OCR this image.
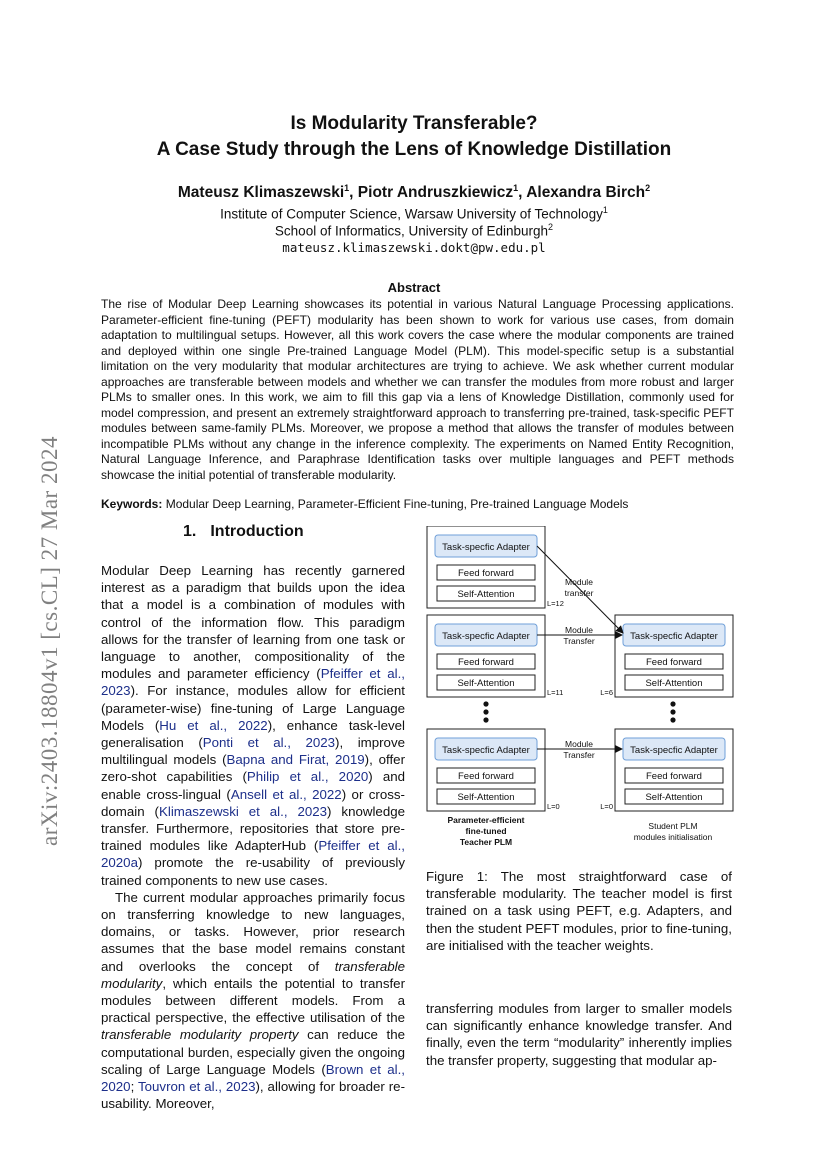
Is Modularity Transferable?
A Case Study through the Lens of Knowledge Distillation
Mateusz Klimaszewski$^1$, Piotr Andruszkiewicz$^1$, Alexandra Birch$^2$
Institute of Computer Science, Warsaw University of Technology$^1$
School of Informatics, University of Edinburgh$^2$
mateusz.klimaszewski.dokt@pw.edu.pl
Abstract
The rise of Modular Deep Learning showcases its potential in various Natural Language Processing applications. Parameter-efficient fine-tuning (PEFT) modularity has been shown to work for various use cases, from domain adaptation to multilingual setups. However, all this work covers the case where the modular components are trained and deployed within one single Pre-trained Language Model (PLM). This model-specific setup is a substantial limitation on the very modularity that modular architectures are trying to achieve. We ask whether current modular approaches are transferable between models and whether we can transfer the modules from more robust and larger PLMs to smaller ones. In this work, we aim to fill this gap via a lens of Knowledge Distillation, commonly used for model compression, and present an extremely straightforward approach to transferring pre-trained, task-specific PEFT modules between same-family PLMs. Moreover, we propose a method that allows the transfer of modules between incompatible PLMs without any change in the inference complexity. The experiments on Named Entity Recognition, Natural Language Inference, and Paraphrase Identification tasks over multiple languages and PEFT methods showcase the initial potential of transferable modularity.
Keywords: Modular Deep Learning, Parameter-Efficient Fine-tuning, Pre-trained Language Models
arXiv:2403.18804v1 [cs.CL] 27 Mar 2024	1. Introduction

Modular Deep Learning has recently garnered interest as a paradigm that builds upon the idea that a model is a combination of modules with control of the information flow. This paradigm allows for the transfer of learning from one task or language to another, compositionality of the modules and parameter efficiency (Pfeiffer et al., 2023). For instance, modules allow for efficient (parameter-wise) fine-tuning of Large Language Models (Hu et al., 2022), enhance task-level generalisation (Ponti et al., 2023), improve multilingual models (Bapna and Firat, 2019), offer zero-shot capabilities (Philip et al., 2020) and enable cross-lingual (Ansell et al., 2022) or cross-domain (Klimaszewski et al., 2023) knowledge transfer. Furthermore, repositories that store pre-trained modules like AdapterHub (Pfeiffer et al., 2020a) promote the re-usability of previously trained components to new use cases.

The current modular approaches primarily focus on transferring knowledge to new languages, domains, or tasks. However, prior research assumes that the base model remains constant and overlooks the concept of transferable modularity, which entails the potential to transfer modules between different models. From a practical perspective, the effective utilisation of the transferable modularity property can reduce the computational burden, especially given the ongoing scaling of Large Language Models (Brown et al., 2020; Touvron et al., 2023), allowing for broader re-usability. Moreover,

Task-specfic Adapter
Feed forward
Self-Attention
L=12
Task-specfic Adapter
Feed forward
Self-Attention
L=11
Task-specfic Adapter
Feed forward
Self-Attention
L=0
Task-specfic Adapter
Feed forward
Self-Attention
L=6
Task-specfic Adapter
Feed forward
Self-Attention
L=0
Module
transfer
Module
Transfer
Module
Transfer
Parameter-efficient
fine-tuned
Teacher PLM
Student PLM
modules initialisation
Figure 1: The most straightforward case of transferable modularity. The teacher model is first trained on a task using PEFT, e.g. Adapters, and then the student PEFT modules, prior to fine-tuning, are initialised with the teacher weights.

transferring modules from larger to smaller models can significantly enhance knowledge transfer. And finally, even the term “modularity” inherently implies the transfer property, suggesting that modular ap-
